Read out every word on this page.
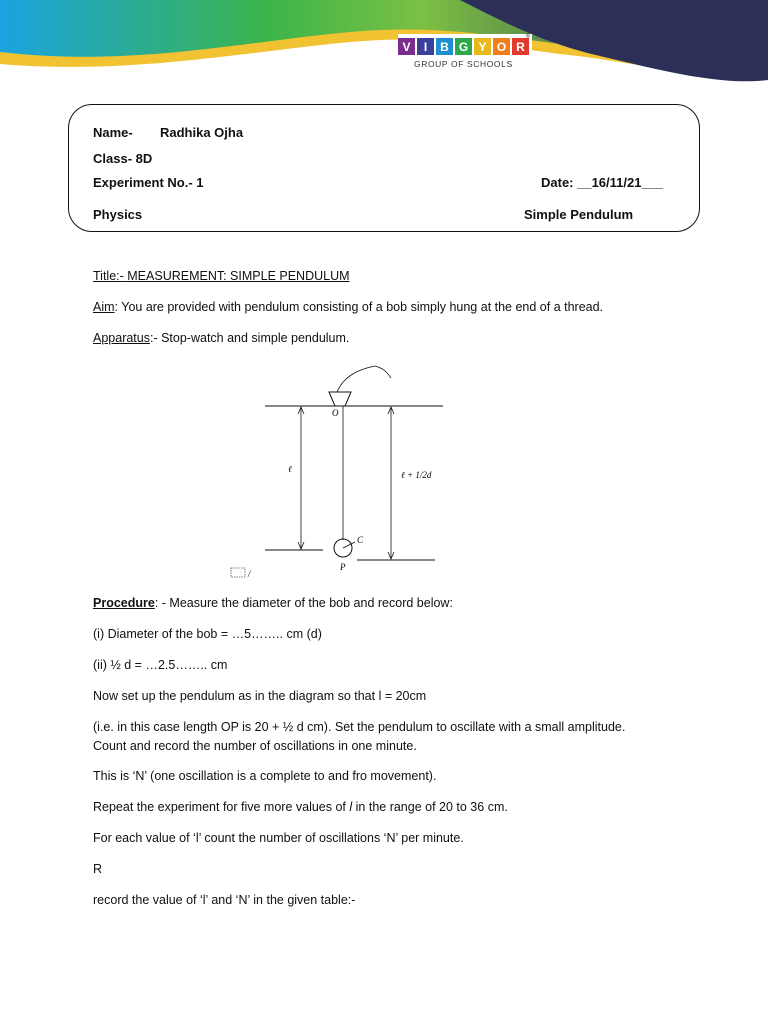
V	I	B G Y O R
GROUP OF SCHOOLS
®
Name- Radhika Ojha
Class- 8D
Experiment No.- 1	Date: __16/11/21___
Physics	Simple Pendulum
Title:- MEASUREMENT: SIMPLE PENDULUM
Aim: You are provided with pendulum consisting of a bob simply hung at the end of a thread.
Apparatus:- Stop-watch and simple pendulum.
O
C
P
ℓ
ℓ + 1/2d
/
Procedure: - Measure the diameter of the bob and record below:
(i) Diameter of the bob = …5…….. cm (d)
(ii) ½ d = …2.5…….. cm
Now set up the pendulum as in the diagram so that l = 20cm
(i.e. in this case length OP is 20 + ½ d cm). Set the pendulum to oscillate with a small amplitude.
Count and record the number of oscillations in one minute.
This is ‘N’ (one oscillation is a complete to and fro movement).
Repeat the experiment for five more values of l in the range of 20 to 36 cm.
For each value of ‘l’ count the number of oscillations ‘N’ per minute.
R
record the value of ‘l’ and ‘N’ in the given table:-
